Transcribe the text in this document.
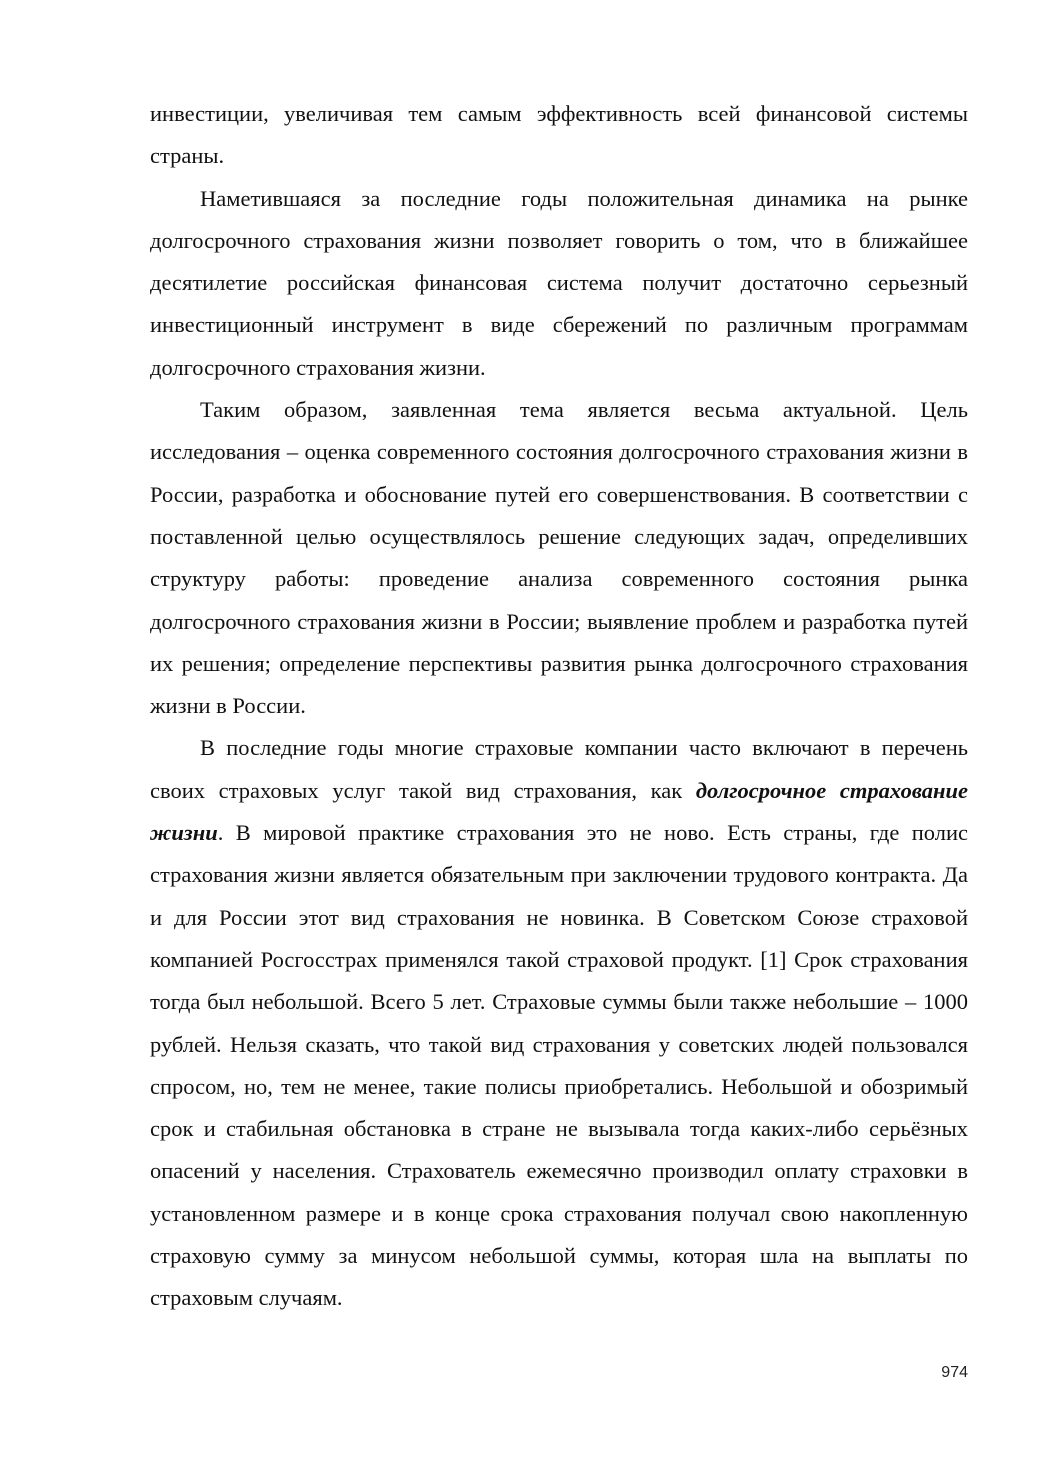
инвестиции, увеличивая тем самым эффективность всей финансовой системы страны.

Наметившаяся за последние годы положительная динамика на рынке долгосрочного страхования жизни позволяет говорить о том, что в ближайшее десятилетие российская финансовая система получит достаточно серьезный инвестиционный инструмент в виде сбережений по различным программам долгосрочного страхования жизни.

Таким образом, заявленная тема является весьма актуальной. Цель исследования – оценка современного состояния долгосрочного страхования жизни в России, разработка и обоснование путей его совершенствования. В соответствии с поставленной целью осуществлялось решение следующих задач, определивших структуру работы: проведение анализа современного состояния рынка долгосрочного страхования жизни в России; выявление проблем и разработка путей их решения; определение перспективы развития рынка долгосрочного страхования жизни в России.

В последние годы многие страховые компании часто включают в перечень своих страховых услуг такой вид страхования, как долгосрочное страхование жизни. В мировой практике страхования это не ново. Есть страны, где полис страхования жизни является обязательным при заключении трудового контракта. Да и для России этот вид страхования не новинка. В Советском Союзе страховой компанией Росгосстрах применялся такой страховой продукт. [1] Срок страхования тогда был небольшой. Всего 5 лет. Страховые суммы были также небольшие – 1000 рублей. Нельзя сказать, что такой вид страхования у советских людей пользовался спросом, но, тем не менее, такие полисы приобретались. Небольшой и обозримый срок и стабильная обстановка в стране не вызывала тогда каких-либо серьёзных опасений у населения. Страхователь ежемесячно производил оплату страховки в установленном размере и в конце срока страхования получал свою накопленную страховую сумму за минусом небольшой суммы, которая шла на выплаты по страховым случаям.

974
